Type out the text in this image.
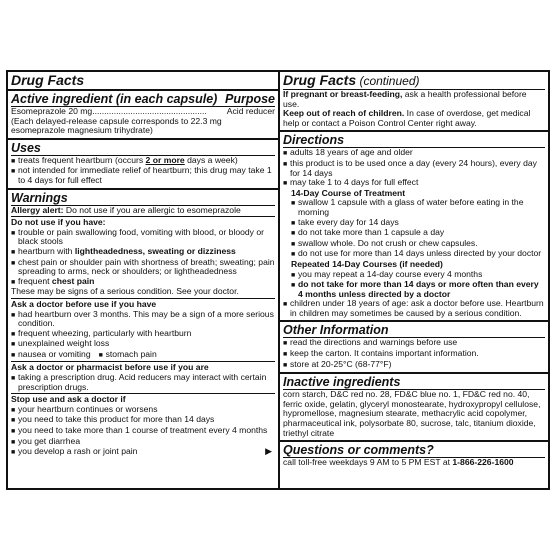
Drug Facts
Active ingredient (in each capsule) Purpose
Esomeprazole 20 mg ................................................	Acid reducer
(Each delayed-release capsule corresponds to 22.3 mg
esomeprazole magnesium trihydrate)
Uses
■
treats frequent heartburn (occurs 2 or more days a week)
■
not intended for immediate relief of heartburn; this drug may take 1 to 4 days for full effect
Warnings
Allergy alert: Do not use if you are allergic to esomeprazole
Do not use if you have:
■
trouble or pain swallowing food, vomiting with blood, or bloody or black stools
■
heartburn with lightheadedness, sweating or dizziness
■
chest pain or shoulder pain with shortness of breath; sweating; pain spreading to arms, neck or shoulders; or lightheadedness
■
frequent chest pain
These may be signs of a serious condition. See your doctor.
Ask a doctor before use if you have
■
had heartburn over 3 months. This may be a sign of a more serious condition.
■
frequent wheezing, particularly with heartburn
■
unexplained weight loss
■
nausea or vomiting
■ stomach pain
Ask a doctor or pharmacist before use if you are
■
taking a prescription drug. Acid reducers may interact with certain prescription drugs.
Stop use and ask a doctor if
■
your heartburn continues or worsens
■
you need to take this product for more than 14 days
■
you need to take more than 1 course of treatment every 4 months
■
you get diarrhea
■
you develop a rash or joint pain	▶
Drug Facts (continued)
If pregnant or breast-feeding, ask a health professional before use.
Keep out of reach of children. In case of overdose, get medical help or contact a Poison Control Center right away.
Directions
■
adults 18 years of age and older
■
this product is to be used once a day (every 24 hours), every day for 14 days
■
may take 1 to 4 days for full effect
14-Day Course of Treatment
■
swallow 1 capsule with a glass of water before eating in the morning
■
take every day for 14 days
■
do not take more than 1 capsule a day
■
swallow whole. Do not crush or chew capsules.
■
do not use for more than 14 days unless directed by your doctor
Repeated 14-Day Courses (if needed)
■
you may repeat a 14-day course every 4 months
■
do not take for more than 14 days or more often than every 4 months unless directed by a doctor
■
children under 18 years of age: ask a doctor before use. Heartburn in children may sometimes be caused by a serious condition.
Other Information
■
read the directions and warnings before use
■
keep the carton. It contains important information.
■
store at 20-25°C (68-77°F)
Inactive ingredients
corn starch, D&C red no. 28, FD&C blue no. 1, FD&C red no. 40, ferric oxide, gelatin, glyceryl monostearate, hydroxypropyl cellulose, hypromellose, magnesium stearate, methacrylic acid copolymer, pharmaceutical ink, polysorbate 80, sucrose, talc, titanium dioxide, triethyl citrate
Questions or comments?
call toll-free weekdays 9 AM to 5 PM EST at 1-866-226-1600
